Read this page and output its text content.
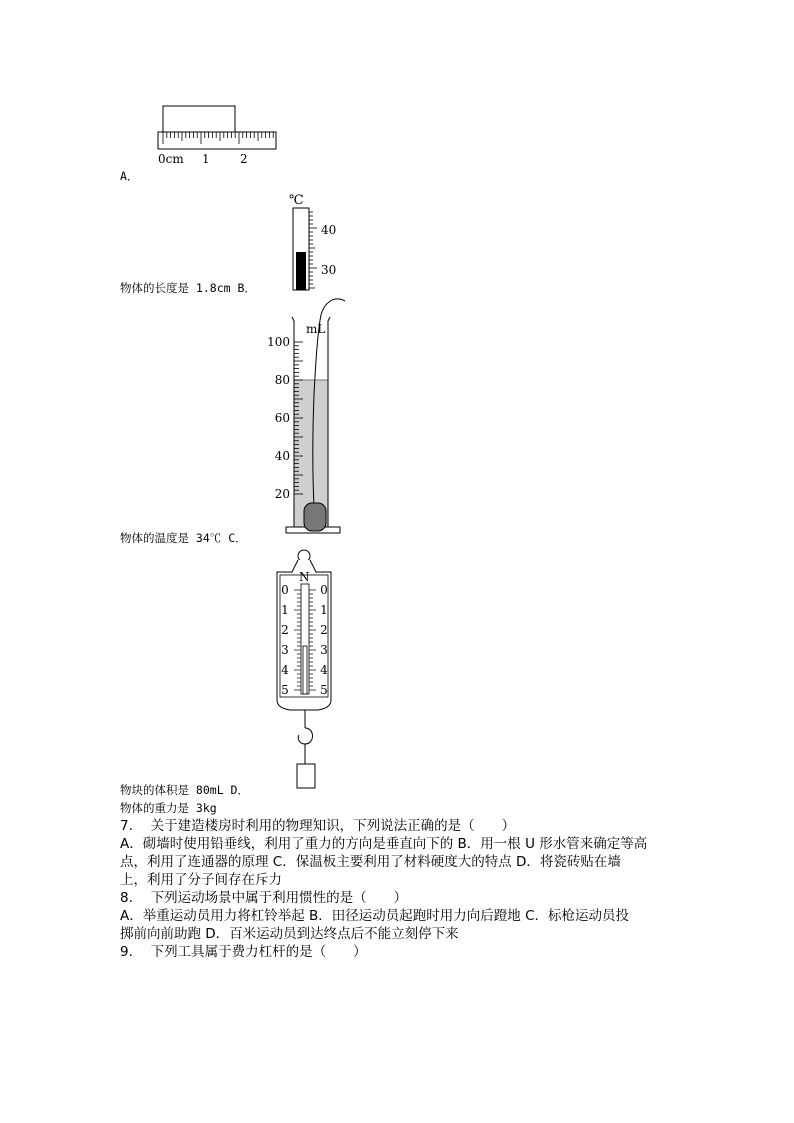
0cm 1	2
A．
℃
40
30
物体的长度是 1.8cm B．
mL
100
80
60
40
20
物体的温度是 34℃ C．
N
0
1
2
3
4
5
0
1
2
3
4
5
物块的体积是 80mL D．
物体的重力是 3kg
7.　 关于建造楼房时利用的物理知识，下列说法正确的是（　　）
A．砌墙时使用铅垂线，利用了重力的方向是垂直向下的 B．用一根 U 形水管来确定等高
点，利用了连通器的原理 C．保温板主要利用了材料硬度大的特点 D．将瓷砖贴在墙
上，利用了分子间存在斥力
8.　 下列运动场景中属于利用惯性的是（　　）
A．举重运动员用力将杠铃举起 B．田径运动员起跑时用力向后蹬地 C．标枪运动员投
掷前向前助跑 D．百米运动员到达终点后不能立刻停下来
9.　 下列工具属于费力杠杆的是（　　）
